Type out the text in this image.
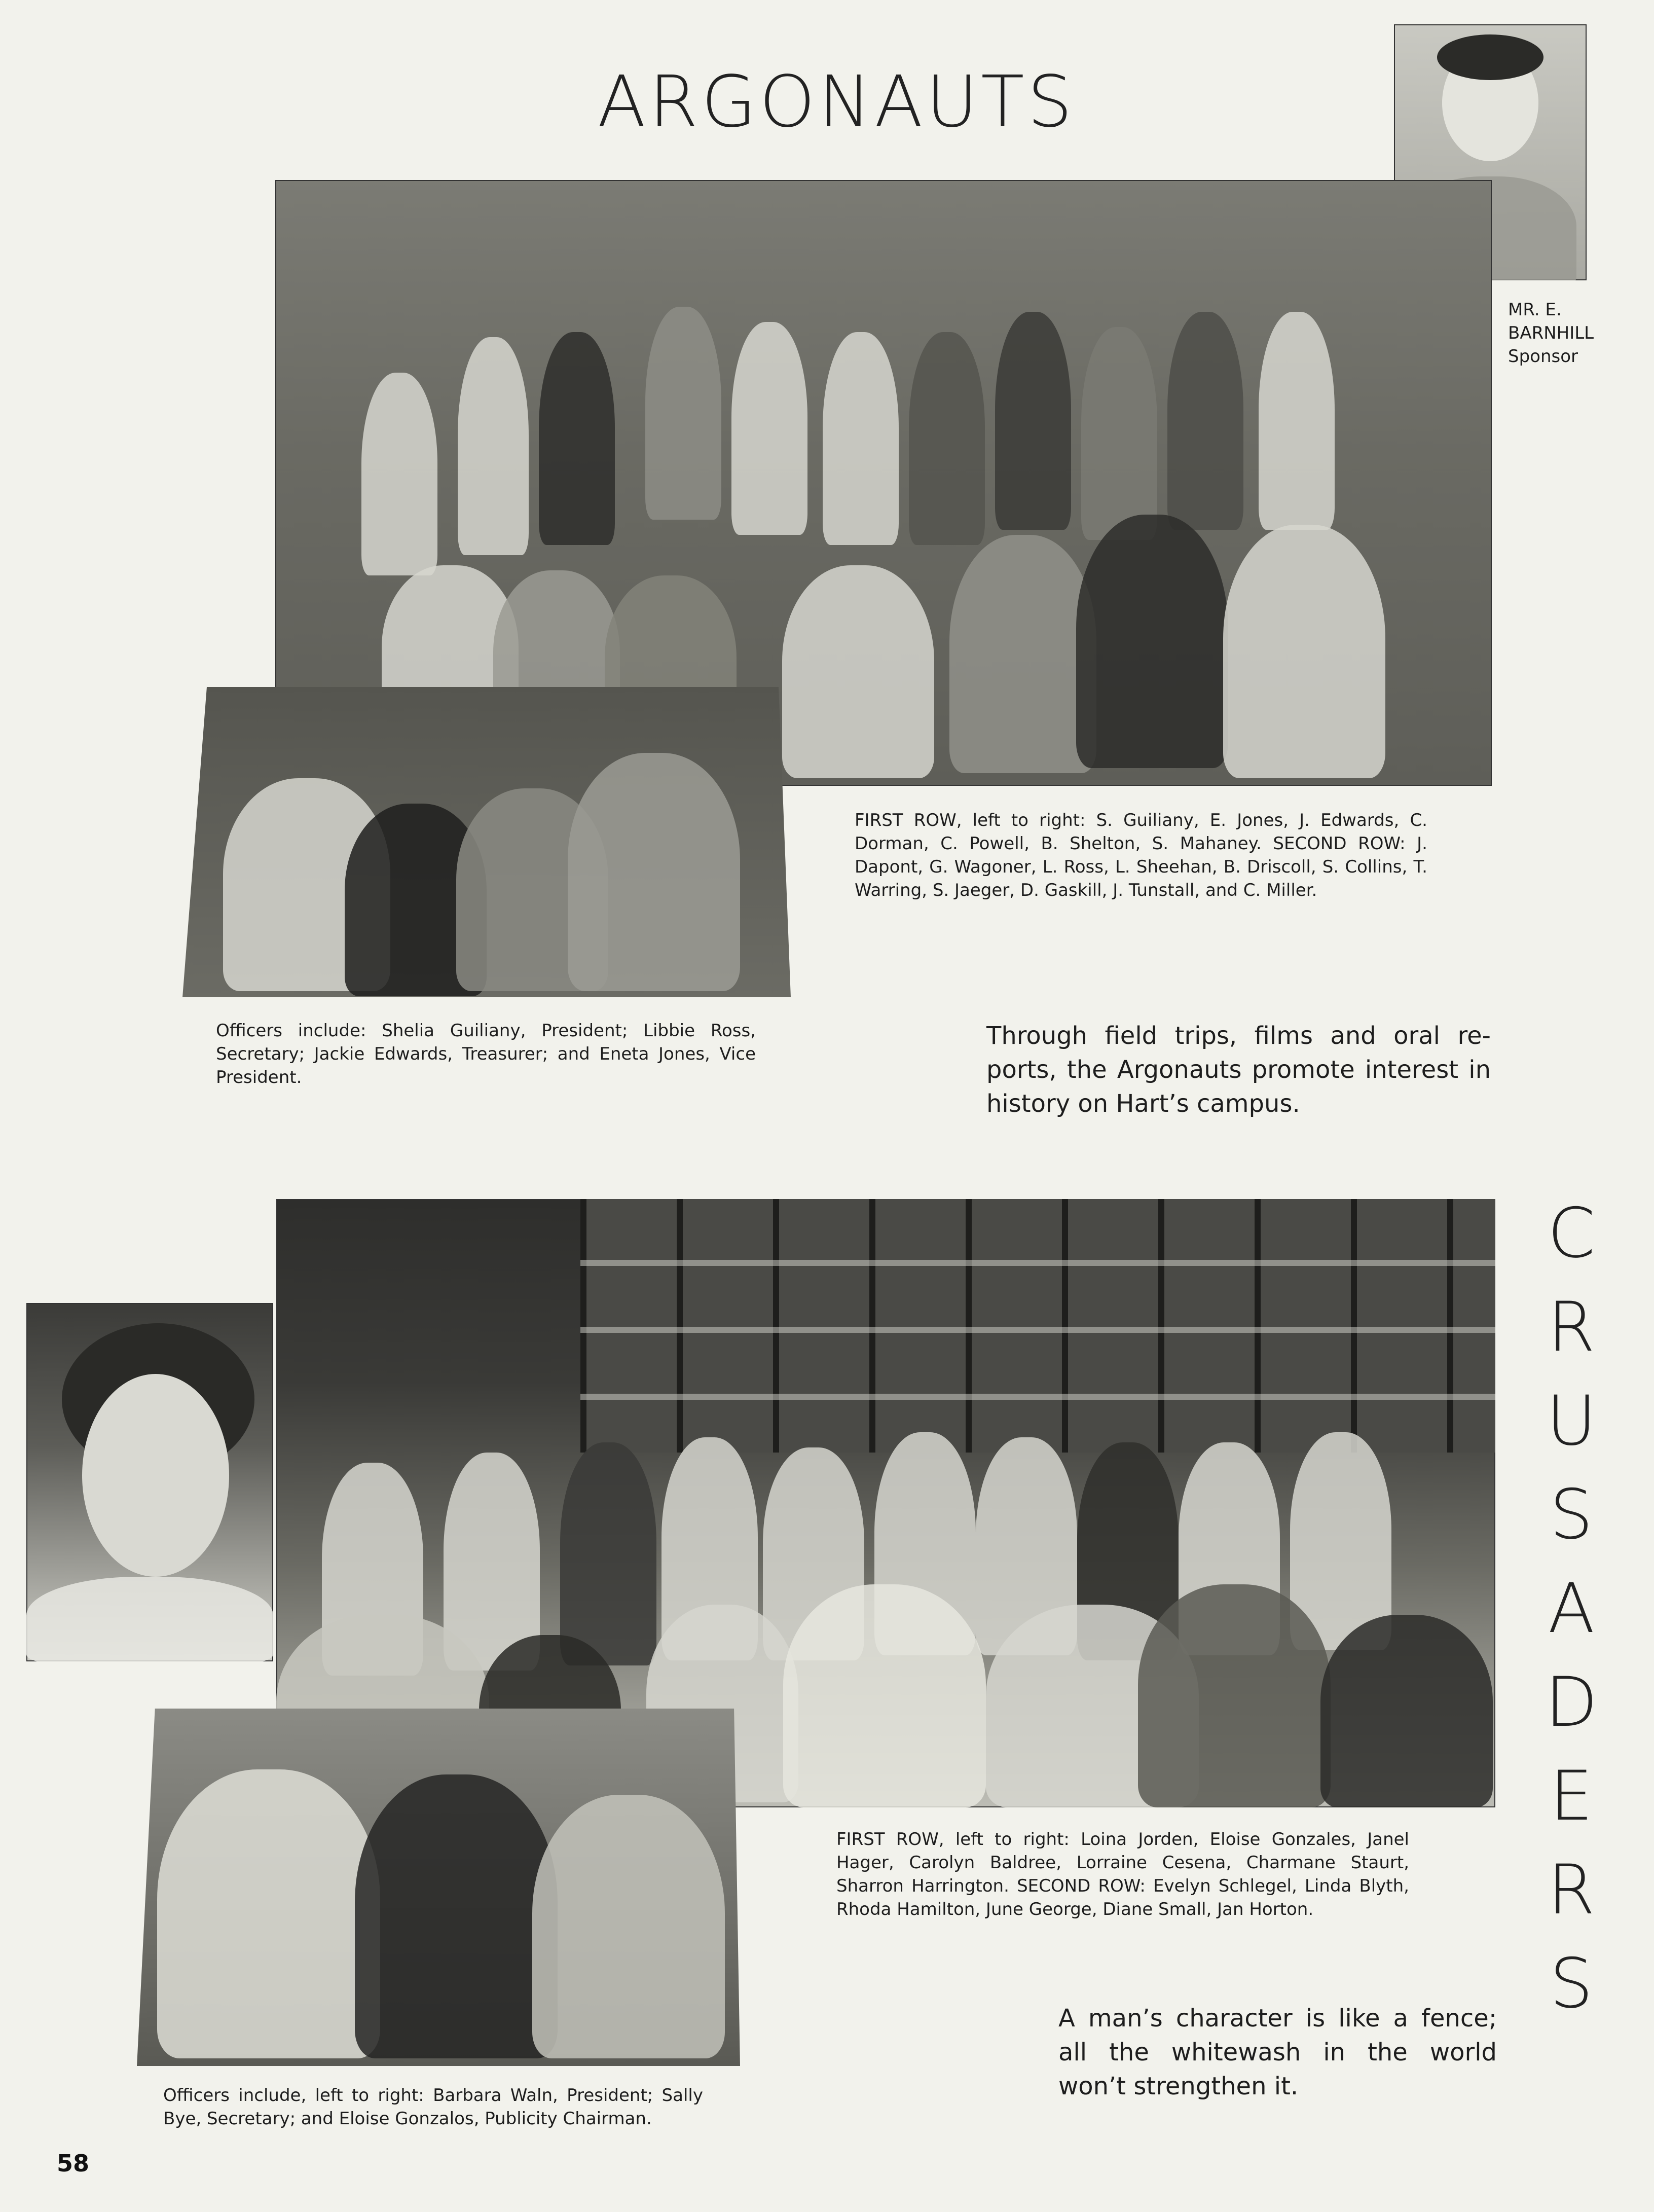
ARGONAUTS
MR. E.
BARNHILL
Sponsor
FIRST ROW, left to right: S. Guiliany, E. Jones, J. Edwards, C. Dorman, C. Powell, B. Shelton, S. Mahaney. SECOND ROW: J. Dapont, G. Wagoner, L. Ross, L. Sheehan, B. Driscoll, S. Collins, T. Warring, S. Jaeger, D. Gaskill, J. Tunstall, and C. Miller.
Officers include: Shelia Guiliany, President; Libbie Ross, Secretary; Jackie Edwards, Treasurer; and Eneta Jones, Vice President.
Through field trips, films and oral reports, the Argonauts promote interest in history on Hart’s campus.
C
R
U
S
A
D
E
R
S
FIRST ROW, left to right: Loina Jorden, Eloise Gonzales, Janel Hager, Carolyn Baldree, Lorraine Cesena, Charmane Staurt, Sharron Harrington. SECOND ROW: Evelyn Schlegel, Linda Blyth, Rhoda Hamilton, June George, Diane Small, Jan Horton.
Officers include, left to right: Barbara Waln, President; Sally Bye, Secretary; and Eloise Gonzalos, Publicity Chairman.
A man’s character is like a fence; all the whitewash in the world won’t strengthen it.
58
